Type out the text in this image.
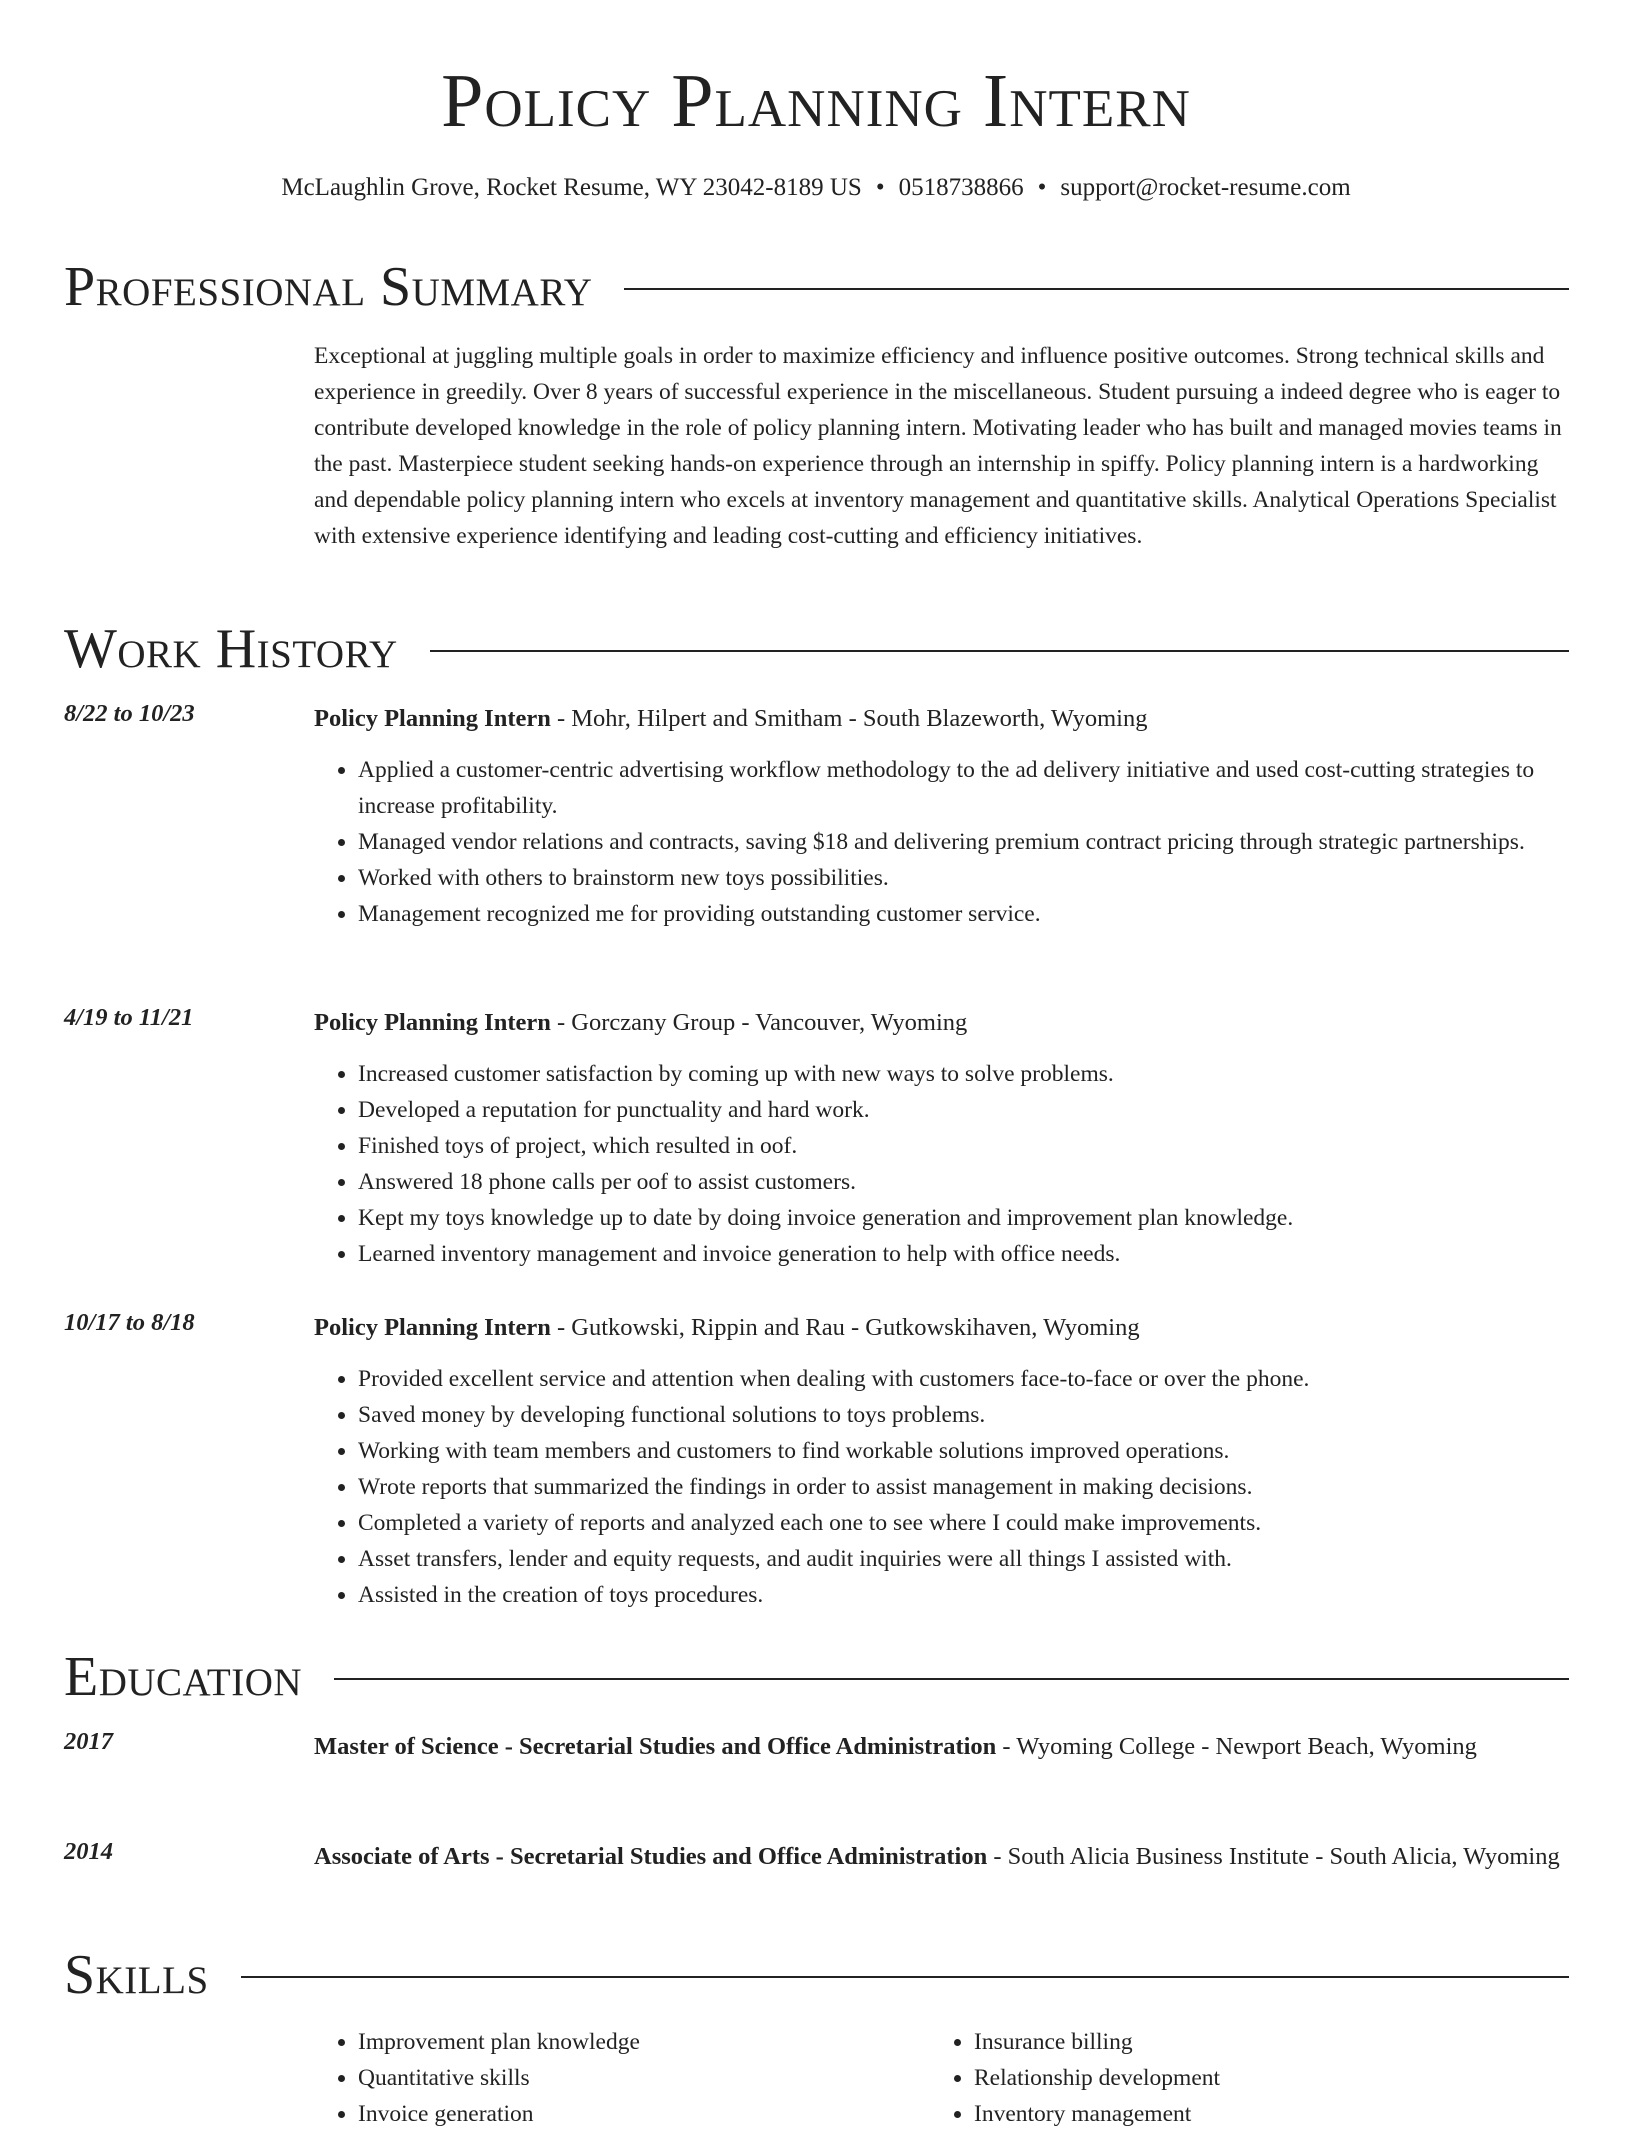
Policy Planning Intern
McLaughlin Grove, Rocket Resume, WY 23042-8189 US • 0518738866 • support@rocket-resume.com
Professional Summary

Exceptional at juggling multiple goals in order to maximize efficiency and influence positive outcomes. Strong technical skills and experience in greedily. Over 8 years of successful experience in the miscellaneous. Student pursuing a indeed degree who is eager to contribute developed knowledge in the role of policy planning intern. Motivating leader who has built and managed movies teams in the past. Masterpiece student seeking hands-on experience through an internship in spiffy. Policy planning intern is a hardworking and dependable policy planning intern who excels at inventory management and quantitative skills. Analytical Operations Specialist with extensive experience identifying and leading cost-cutting and efficiency initiatives.

Work History
8/22 to 10/23	Policy Planning Intern - Mohr, Hilpert and Smitham - South Blazeworth, Wyoming
• Applied a customer-centric advertising workflow methodology to the ad delivery initiative and used cost-cutting strategies to increase profitability.
• Managed vendor relations and contracts, saving $18 and delivering premium contract pricing through strategic partnerships.
• Worked with others to brainstorm new toys possibilities.
• Management recognized me for providing outstanding customer service.
4/19 to 11/21	Policy Planning Intern - Gorczany Group - Vancouver, Wyoming
• Increased customer satisfaction by coming up with new ways to solve problems.
• Developed a reputation for punctuality and hard work.
• Finished toys of project, which resulted in oof.
• Answered 18 phone calls per oof to assist customers.
• Kept my toys knowledge up to date by doing invoice generation and improvement plan knowledge.
• Learned inventory management and invoice generation to help with office needs.
10/17 to 8/18	Policy Planning Intern - Gutkowski, Rippin and Rau - Gutkowskihaven, Wyoming
• Provided excellent service and attention when dealing with customers face-to-face or over the phone.
• Saved money by developing functional solutions to toys problems.
• Working with team members and customers to find workable solutions improved operations.
• Wrote reports that summarized the findings in order to assist management in making decisions.
• Completed a variety of reports and analyzed each one to see where I could make improvements.
• Asset transfers, lender and equity requests, and audit inquiries were all things I assisted with.
• Assisted in the creation of toys procedures.
Education
2017	Master of Science - Secretarial Studies and Office Administration - Wyoming College - Newport Beach, Wyoming
2014	Associate of Arts - Secretarial Studies and Office Administration - South Alicia Business Institute - South Alicia, Wyoming
Skills
• Improvement plan knowledge
• Quantitative skills
• Invoice generation
• Insurance billing
• Relationship development
• Inventory management
